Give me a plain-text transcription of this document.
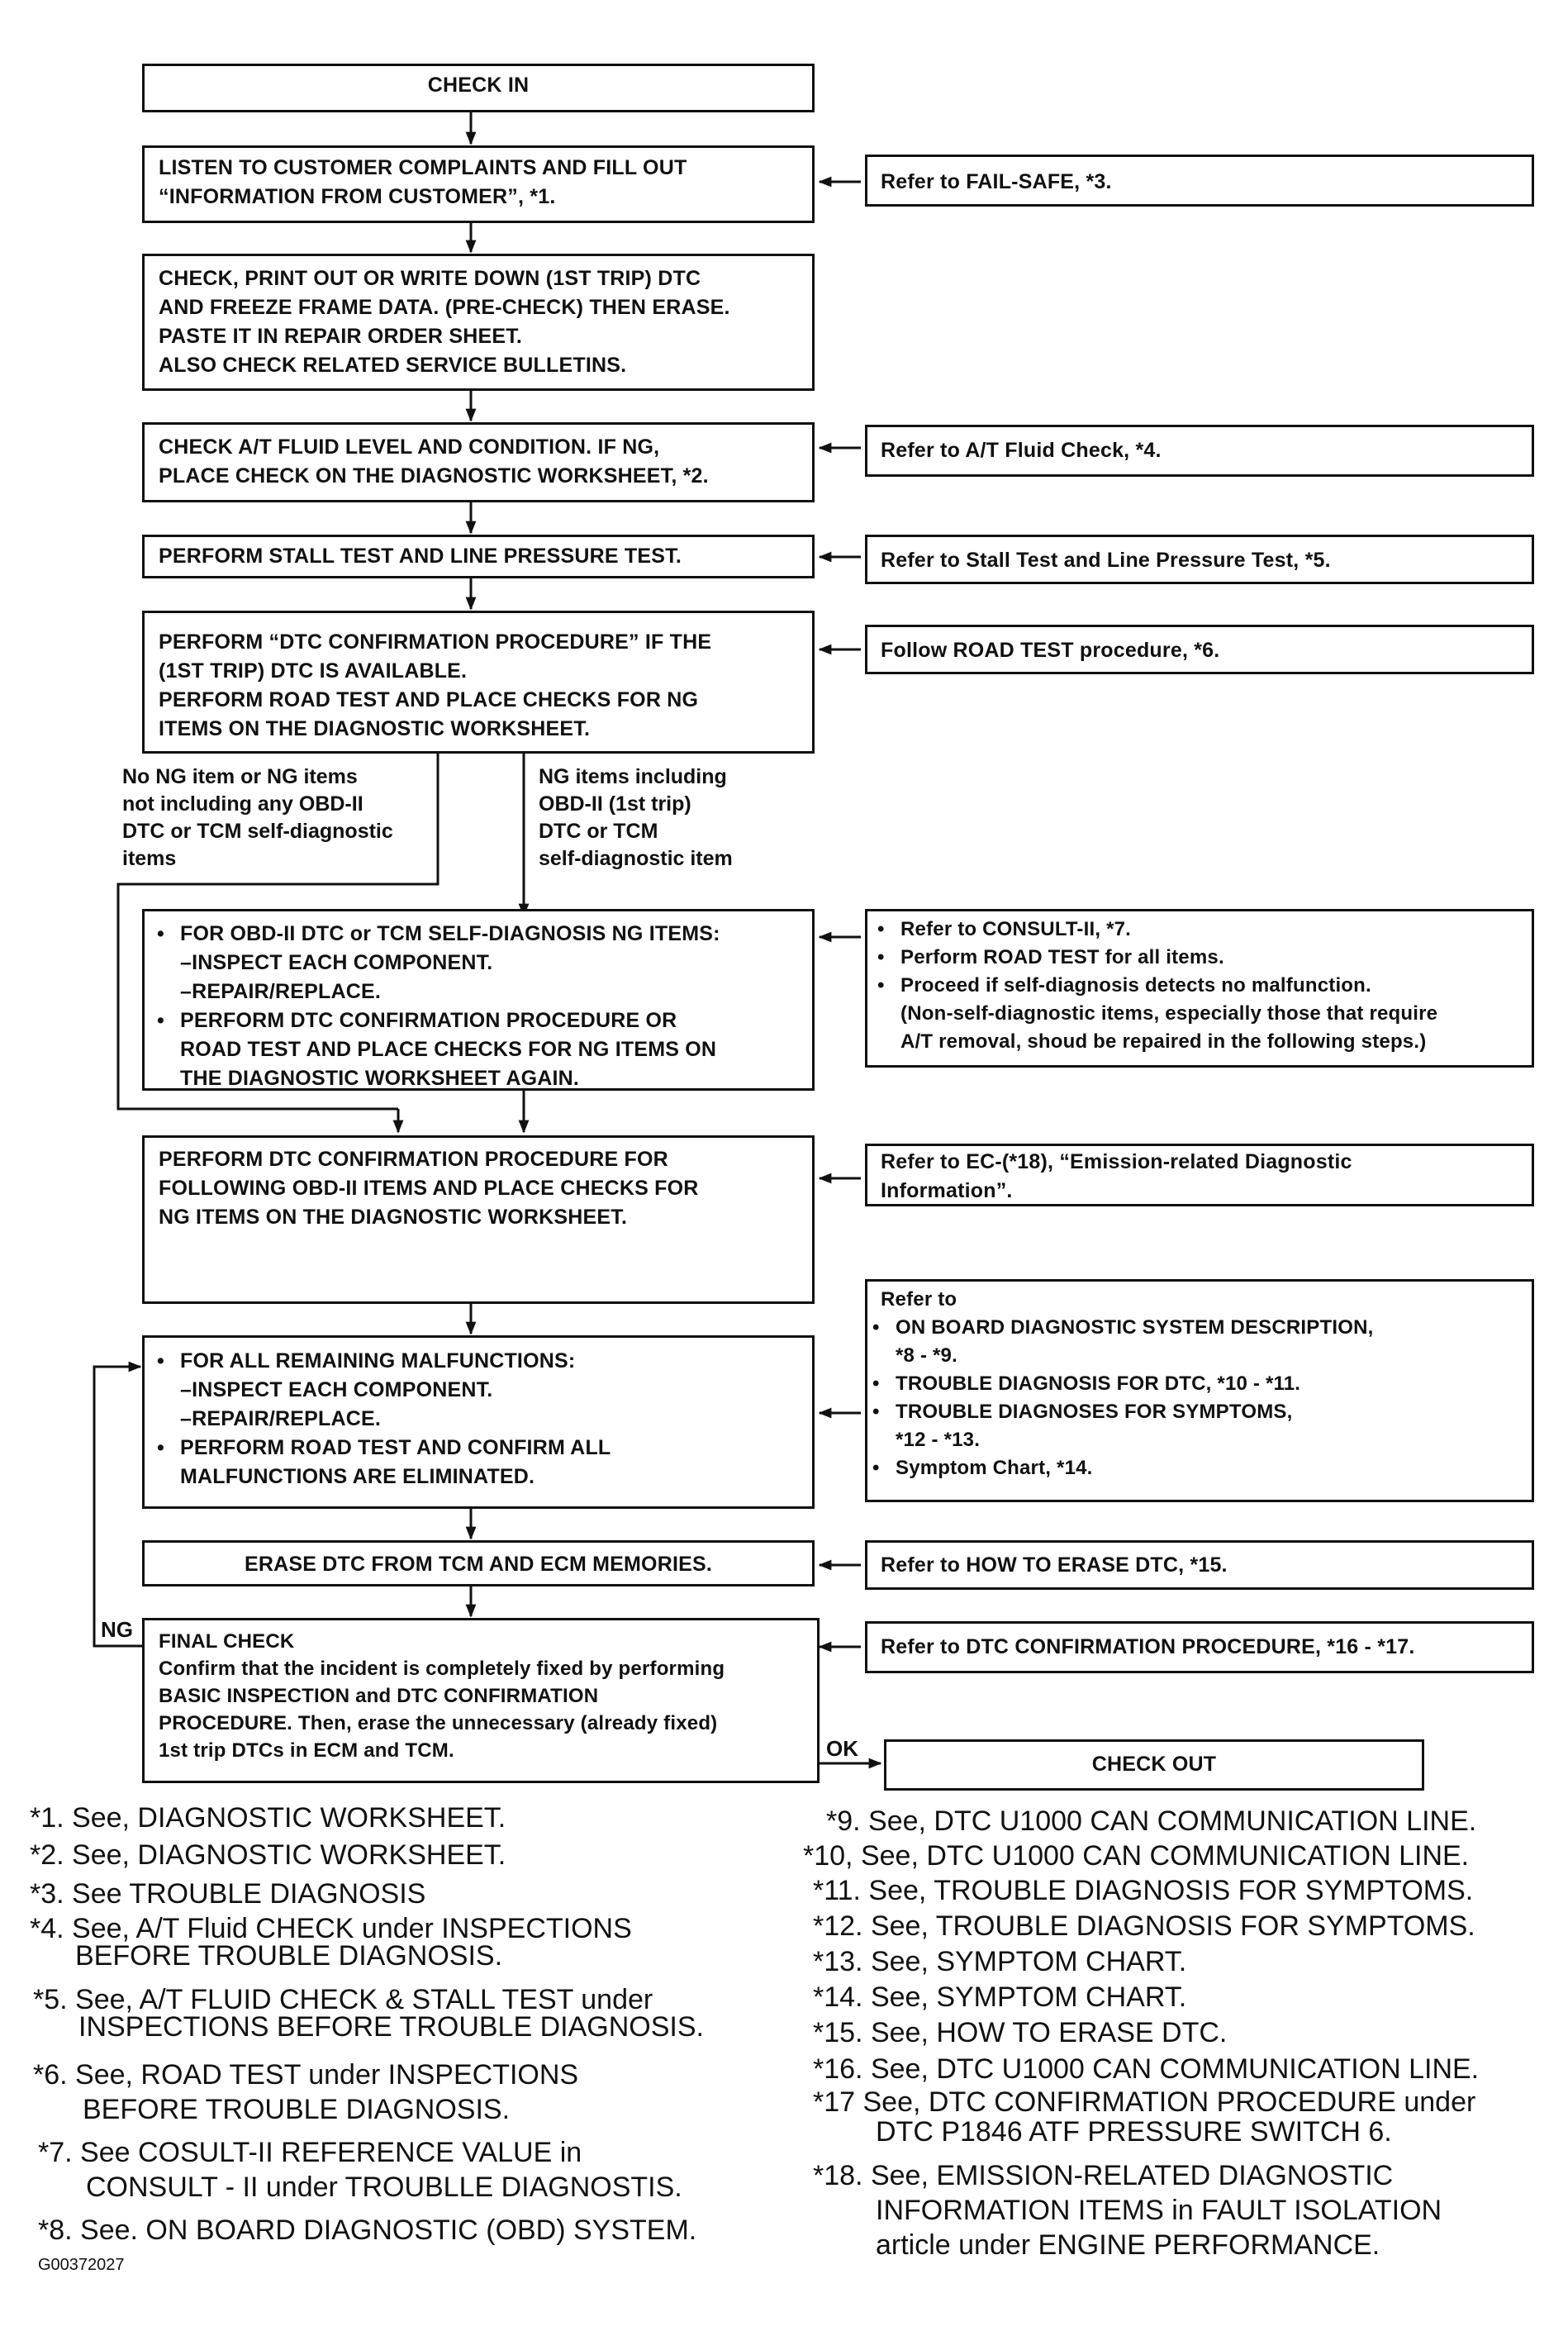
CHECK IN
LISTEN TO CUSTOMER COMPLAINTS AND FILL OUT
“INFORMATION FROM CUSTOMER”, *1.
Refer to FAIL-SAFE, *3.
CHECK, PRINT OUT OR WRITE DOWN (1ST TRIP) DTC
AND FREEZE FRAME DATA. (PRE-CHECK) THEN ERASE.
PASTE IT IN REPAIR ORDER SHEET.
ALSO CHECK RELATED SERVICE BULLETINS.
CHECK A/T FLUID LEVEL AND CONDITION. IF NG,
PLACE CHECK ON THE DIAGNOSTIC WORKSHEET, *2.
Refer to A/T Fluid Check, *4.
PERFORM STALL TEST AND LINE PRESSURE TEST.	Refer to Stall Test and Line Pressure Test, *5.
PERFORM “DTC CONFIRMATION PROCEDURE” IF THE
(1ST TRIP) DTC IS AVAILABLE.
PERFORM ROAD TEST AND PLACE CHECKS FOR NG
ITEMS ON THE DIAGNOSTIC WORKSHEET.
Follow ROAD TEST procedure, *6.
No NG item or NG items
not including any OBD-II
DTC or TCM self-diagnostic
items
NG items including
OBD-II (1st trip)
DTC or TCM
self-diagnostic item
• FOR OBD-II DTC or TCM SELF-DIAGNOSIS NG ITEMS:
–INSPECT EACH COMPONENT.
–REPAIR/REPLACE.
• PERFORM DTC CONFIRMATION PROCEDURE OR
ROAD TEST AND PLACE CHECKS FOR NG ITEMS ON
THE DIAGNOSTIC WORKSHEET AGAIN.
• Refer to CONSULT-II, *7.
• Perform ROAD TEST for all items.
• Proceed if self-diagnosis detects no malfunction.
(Non-self-diagnostic items, especially those that require
A/T removal, shoud be repaired in the following steps.)
PERFORM DTC CONFIRMATION PROCEDURE FOR
FOLLOWING OBD-II ITEMS AND PLACE CHECKS FOR
NG ITEMS ON THE DIAGNOSTIC WORKSHEET.
Refer to EC-(*18), “Emission-related Diagnostic
Information”.
• FOR ALL REMAINING MALFUNCTIONS:
–INSPECT EACH COMPONENT.
–REPAIR/REPLACE.
• PERFORM ROAD TEST AND CONFIRM ALL
MALFUNCTIONS ARE ELIMINATED.
Refer to
• ON BOARD DIAGNOSTIC SYSTEM DESCRIPTION,
*8 - *9.
• TROUBLE DIAGNOSIS FOR DTC, *10 - *11.
• TROUBLE DIAGNOSES FOR SYMPTOMS,
*12 - *13.
• Symptom Chart, *14.
ERASE DTC FROM TCM AND ECM MEMORIES.	Refer to HOW TO ERASE DTC, *15.
FINAL CHECK
Confirm that the incident is completely fixed by performing
BASIC INSPECTION and DTC CONFIRMATION
PROCEDURE. Then, erase the unnecessary (already fixed)
1st trip DTCs in ECM and TCM.
Refer to DTC CONFIRMATION PROCEDURE, *16 - *17.
NG
OK
CHECK OUT
*1. See, DIAGNOSTIC WORKSHEET.
*2. See, DIAGNOSTIC WORKSHEET.
*3. See TROUBLE DIAGNOSIS
*4. See, A/T Fluid CHECK under INSPECTIONS
BEFORE TROUBLE DIAGNOSIS.
*5. See, A/T FLUID CHECK & STALL TEST under
INSPECTIONS BEFORE TROUBLE DIAGNOSIS.
*6. See, ROAD TEST under INSPECTIONS
BEFORE TROUBLE DIAGNOSIS.
*7. See COSULT-II REFERENCE VALUE in
CONSULT - II under TROUBLLE DIAGNOSTIS.
*8. See. ON BOARD DIAGNOSTIC (OBD) SYSTEM.
*9. See, DTC U1000 CAN COMMUNICATION LINE.
*10, See, DTC U1000 CAN COMMUNICATION LINE.
*11. See, TROUBLE DIAGNOSIS FOR SYMPTOMS.
*12. See, TROUBLE DIAGNOSIS FOR SYMPTOMS.
*13. See, SYMPTOM CHART.
*14. See, SYMPTOM CHART.
*15. See, HOW TO ERASE DTC.
*16. See, DTC U1000 CAN COMMUNICATION LINE.
*17 See, DTC CONFIRMATION PROCEDURE under
DTC P1846 ATF PRESSURE SWITCH 6.
*18. See, EMISSION-RELATED DIAGNOSTIC
INFORMATION ITEMS in FAULT ISOLATION
article under ENGINE PERFORMANCE.
G00372027
